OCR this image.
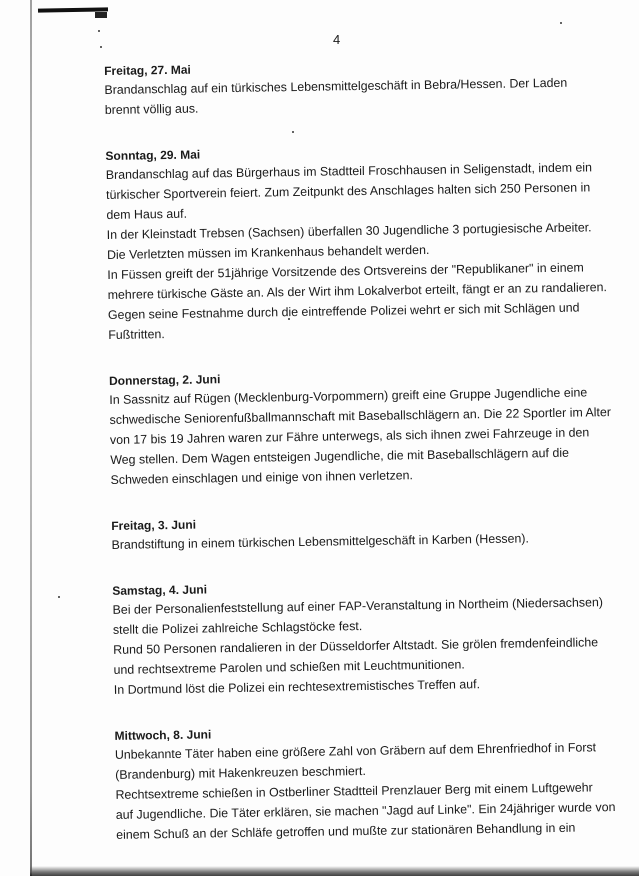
4
Freitag, 27. Mai
Brandanschlag auf ein türkisches Lebensmittelgeschäft in Bebra/Hessen. Der Laden
brennt völlig aus.
Sonntag, 29. Mai
Brandanschlag auf das Bürgerhaus im Stadtteil Froschhausen in Seligenstadt, indem ein
türkischer Sportverein feiert. Zum Zeitpunkt des Anschlages halten sich 250 Personen in
dem Haus auf.
In der Kleinstadt Trebsen (Sachsen) überfallen 30 Jugendliche 3 portugiesische Arbeiter.
Die Verletzten müssen im Krankenhaus behandelt werden.
In Füssen greift der 51jährige Vorsitzende des Ortsvereins der "Republikaner" in einem
mehrere türkische Gäste an. Als der Wirt ihm Lokalverbot erteilt, fängt er an zu randalieren.
Gegen seine Festnahme durch die eintreffende Polizei wehrt er sich mit Schlägen und
Fußtritten.
Donnerstag, 2. Juni
In Sassnitz auf Rügen (Mecklenburg-Vorpommern) greift eine Gruppe Jugendliche eine
schwedische Seniorenfußballmannschaft mit Baseballschlägern an. Die 22 Sportler im Alter
von 17 bis 19 Jahren waren zur Fähre unterwegs, als sich ihnen zwei Fahrzeuge in den
Weg stellen. Dem Wagen entsteigen Jugendliche, die mit Baseballschlägern auf die
Schweden einschlagen und einige von ihnen verletzen.
Freitag, 3. Juni
Brandstiftung in einem türkischen Lebensmittelgeschäft in Karben (Hessen).
Samstag, 4. Juni
Bei der Personalienfeststellung auf einer FAP-Veranstaltung in Northeim (Niedersachsen)
stellt die Polizei zahlreiche Schlagstöcke fest.
Rund 50 Personen randalieren in der Düsseldorfer Altstadt. Sie grölen fremdenfeindliche
und rechtsextreme Parolen und schießen mit Leuchtmunitionen.
In Dortmund löst die Polizei ein rechtesextremistisches Treffen auf.
Mittwoch, 8. Juni
Unbekannte Täter haben eine größere Zahl von Gräbern auf dem Ehrenfriedhof in Forst
(Brandenburg) mit Hakenkreuzen beschmiert.
Rechtsextreme schießen in Ostberliner Stadtteil Prenzlauer Berg mit einem Luftgewehr
auf Jugendliche. Die Täter erklären, sie machen "Jagd auf Linke". Ein 24jähriger wurde von
einem Schuß an der Schläfe getroffen und mußte zur stationären Behandlung in ein
